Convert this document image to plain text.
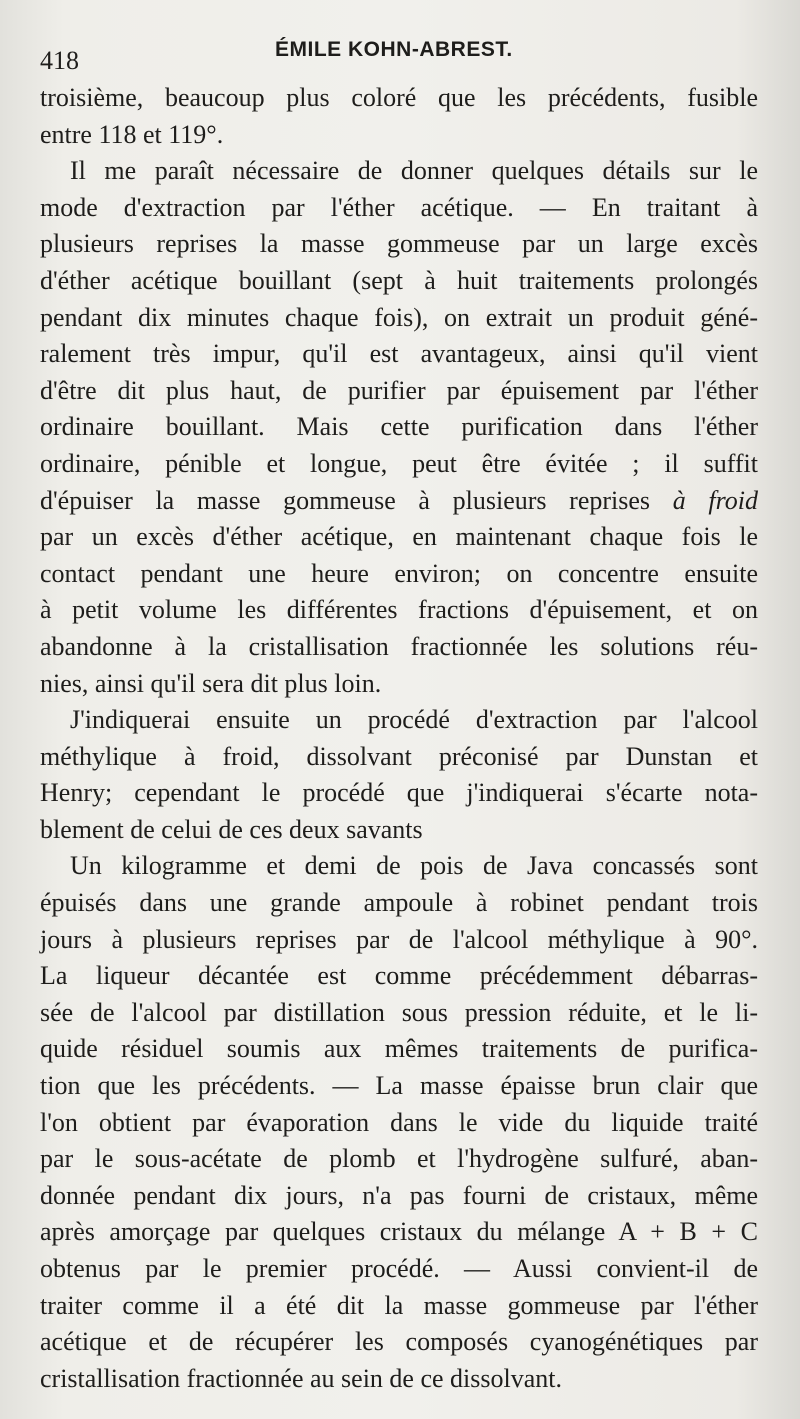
418	ÉMILE KOHN-ABREST.
troisième, beaucoup plus coloré que les précédents, fusible
entre 118 et 119°.
Il me paraît nécessaire de donner quelques détails sur le
mode d'extraction par l'éther acétique. — En traitant à
plusieurs reprises la masse gommeuse par un large excès
d'éther acétique bouillant (sept à huit traitements prolongés
pendant dix minutes chaque fois), on extrait un produit géné-
ralement très impur, qu'il est avantageux, ainsi qu'il vient
d'être dit plus haut, de purifier par épuisement par l'éther
ordinaire bouillant. Mais cette purification dans l'éther
ordinaire, pénible et longue, peut être évitée ; il suffit
d'épuiser la masse gommeuse à plusieurs reprises à froid
par un excès d'éther acétique, en maintenant chaque fois le
contact pendant une heure environ; on concentre ensuite
à petit volume les différentes fractions d'épuisement, et on
abandonne à la cristallisation fractionnée les solutions réu-
nies, ainsi qu'il sera dit plus loin.
J'indiquerai ensuite un procédé d'extraction par l'alcool
méthylique à froid, dissolvant préconisé par Dunstan et
Henry; cependant le procédé que j'indiquerai s'écarte nota-
blement de celui de ces deux savants
Un kilogramme et demi de pois de Java concassés sont
épuisés dans une grande ampoule à robinet pendant trois
jours à plusieurs reprises par de l'alcool méthylique à 90°.
La liqueur décantée est comme précédemment débarras-
sée de l'alcool par distillation sous pression réduite, et le li-
quide résiduel soumis aux mêmes traitements de purifica-
tion que les précédents. — La masse épaisse brun clair que
l'on obtient par évaporation dans le vide du liquide traité
par le sous-acétate de plomb et l'hydrogène sulfuré, aban-
donnée pendant dix jours, n'a pas fourni de cristaux, même
après amorçage par quelques cristaux du mélange A + B + C
obtenus par le premier procédé. — Aussi convient-il de
traiter comme il a été dit la masse gommeuse par l'éther
acétique et de récupérer les composés cyanogénétiques par
cristallisation fractionnée au sein de ce dissolvant.
